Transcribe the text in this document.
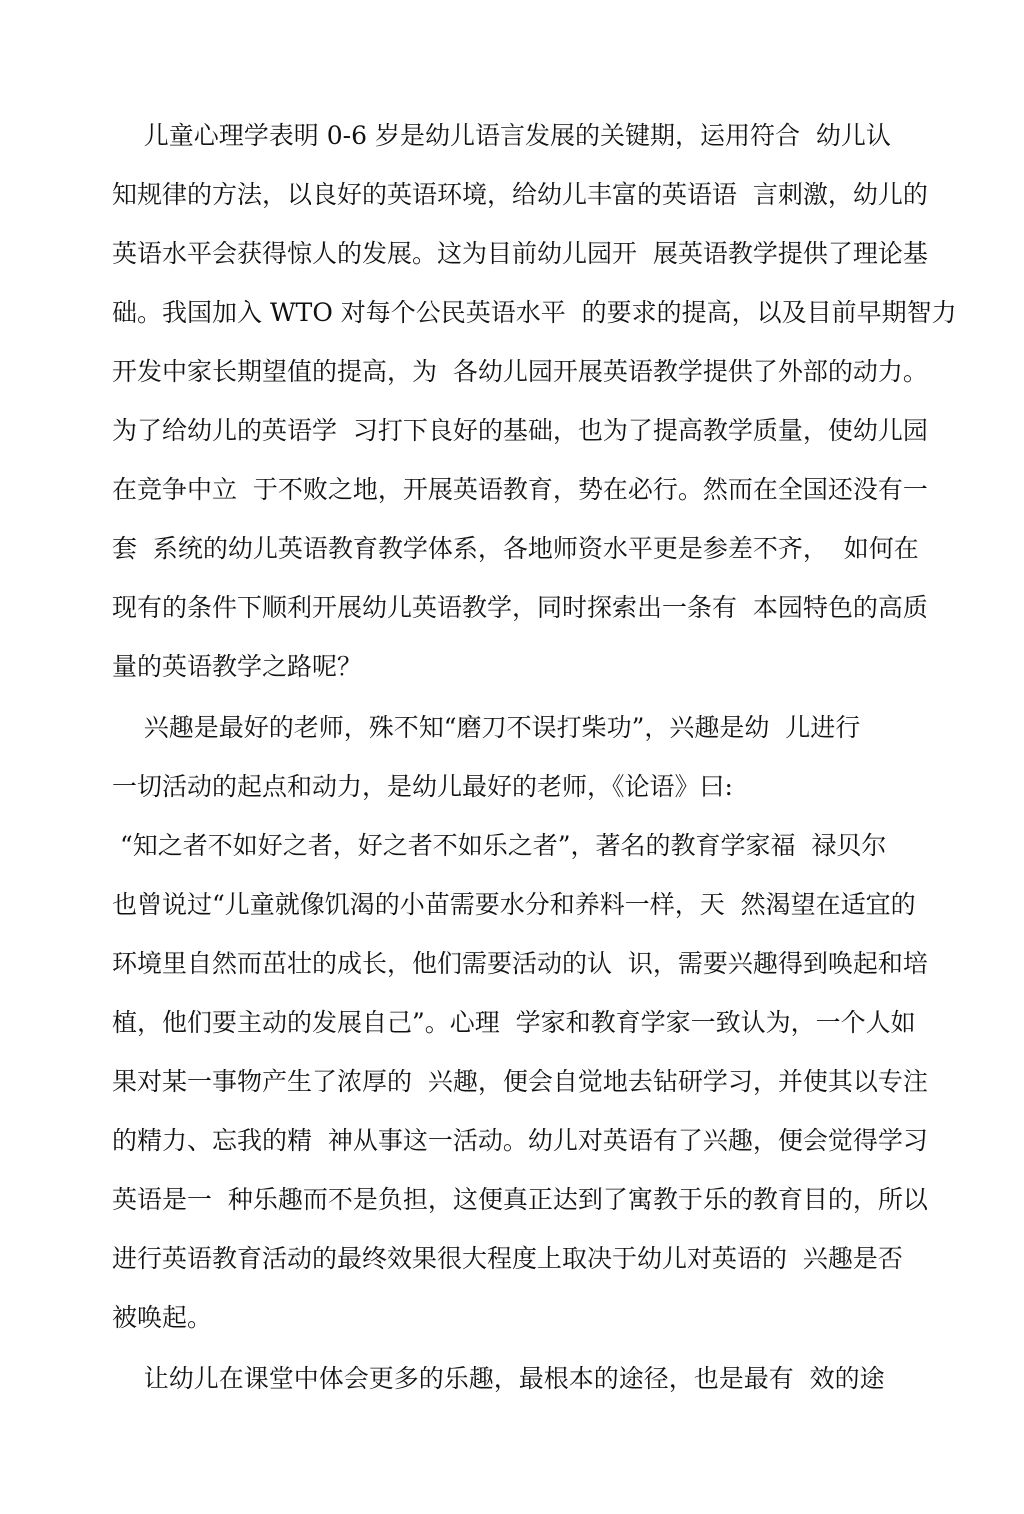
儿童心理学表明 0-6 岁是幼儿语言发展的关键期，运用符合  幼儿认
知规律的方法，以良好的英语环境，给幼儿丰富的英语语  言刺激，幼儿的
英语水平会获得惊人的发展。这为目前幼儿园开  展英语教学提供了理论基
础。我国加入 WTO 对每个公民英语水平  的要求的提高，以及目前早期智力
开发中家长期望值的提高，为  各幼儿园开展英语教学提供了外部的动力。
为了给幼儿的英语学  习打下良好的基础，也为了提高教学质量，使幼儿园
在竞争中立  于不败之地，开展英语教育，势在必行。然而在全国还没有一
套  系统的幼儿英语教育教学体系，各地师资水平更是参差不齐，  如何在
现有的条件下顺利开展幼儿英语教学，同时探索出一条有  本园特色的高质
量的英语教学之路呢？
兴趣是最好的老师，殊不知“磨刀不误打柴功”，兴趣是幼  儿进行
一切活动的起点和动力，是幼儿最好的老师，《论语》曰:
“知之者不如好之者，好之者不如乐之者”，著名的教育学家福  禄贝尔
也曾说过“儿童就像饥渴的小苗需要水分和养料一样，天  然渴望在适宜的
环境里自然而茁壮的成长，他们需要活动的认  识，需要兴趣得到唤起和培
植，他们要主动的发展自己”。心理  学家和教育学家一致认为，一个人如
果对某一事物产生了浓厚的  兴趣，便会自觉地去钻研学习，并使其以专注
的精力、忘我的精  神从事这一活动。幼儿对英语有了兴趣，便会觉得学习
英语是一  种乐趣而不是负担，这便真正达到了寓教于乐的教育目的，所以
进行英语教育活动的最终效果很大程度上取决于幼儿对英语的  兴趣是否
被唤起。
让幼儿在课堂中体会更多的乐趣，最根本的途径，也是最有  效的途
